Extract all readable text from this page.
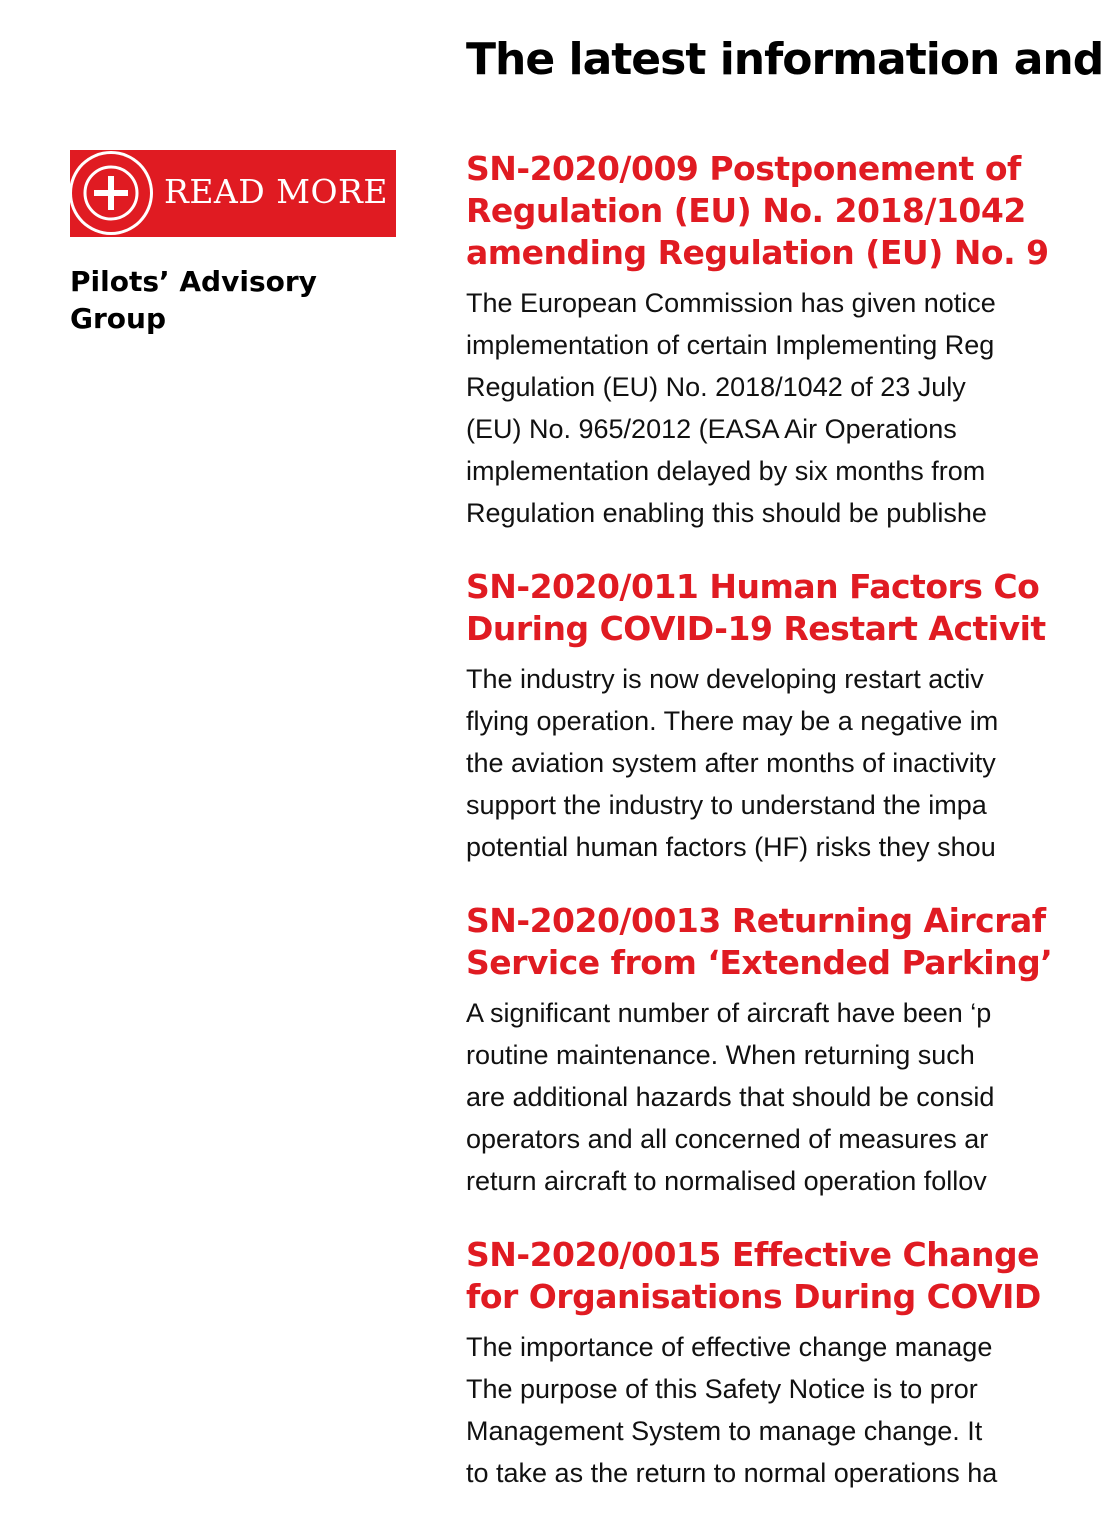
The latest information and
READ MORE

Pilots’ Advisory
Group

SN-2020/009 Postponement of
Regulation (EU) No. 2018/1042
amending Regulation (EU) No. 9
The European Commission has given notice
implementation of certain Implementing Reg
Regulation (EU) No. 2018/1042 of 23 July
(EU) No. 965/2012 (EASA Air Operations
implementation delayed by six months from
Regulation enabling this should be publishe
SN-2020/011 Human Factors Co
During COVID-19 Restart Activit
The industry is now developing restart activ
flying operation. There may be a negative im
the aviation system after months of inactivity
support the industry to understand the impa
potential human factors (HF) risks they shou
SN-2020/0013 Returning Aircraf
Service from ‘Extended Parking’
A significant number of aircraft have been ‘p
routine maintenance. When returning such
are additional hazards that should be consid
operators and all concerned of measures ar
return aircraft to normalised operation follov
SN-2020/0015 Effective Change
for Organisations During COVID
The importance of effective change manage
The purpose of this Safety Notice is to pror
Management System to manage change. It
to take as the return to normal operations ha
